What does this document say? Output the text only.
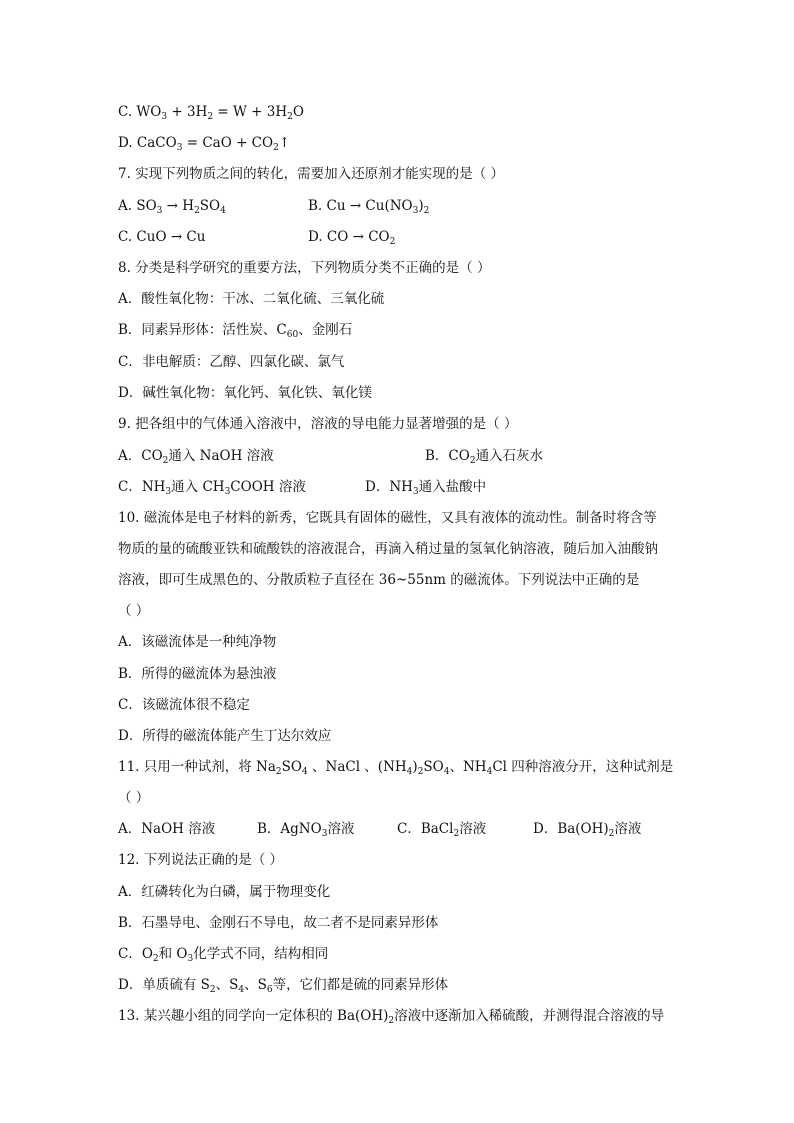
C. $WO_3 + 3H_2 = W + 3H_2O$
D. CaCO$_3$ = CaO + $CO_2↑$
7. 实现下列物质之间的转化，需要加入还原剂才能实现的是（ ）
A. $SO_3 \to H_2SO_4$	B. $Cu \to Cu(NO_3)_2$
C. CuO → Cu	D. CO → $CO_2$
8. 分类是科学研究的重要方法，下列物质分类不正确的是（ ）
A．酸性氧化物：干冰、二氧化硫、三氧化硫
B．同素异形体：活性炭、$C_{60}$、金刚石
C．非电解质：乙醇、四氯化碳、氯气
D．碱性氧化物：氧化钙、氧化铁、氧化镁
9. 把各组中的气体通入溶液中，溶液的导电能力显著增强的是（ ）
A．$CO_2$通入 NaOH 溶液	B．$CO_2$通入石灰水
C．$NH_3$通入 $CH_3COOH$ 溶液	D．$NH_3$通入盐酸中
10. 磁流体是电子材料的新秀，它既具有固体的磁性，又具有液体的流动性。制备时将含等
物质的量的硫酸亚铁和硫酸铁的溶液混合，再滴入稍过量的氢氧化钠溶液，随后加入油酸钠
溶液，即可生成黑色的、分散质粒子直径在 36~55nm 的磁流体。下列说法中正确的是
（ ）
A．该磁流体是一种纯净物
B．所得的磁流体为悬浊液
C．该磁流体很不稳定
D．所得的磁流体能产生丁达尔效应
11. 只用一种试剂，将 $Na_2SO_4$ 、NaCl 、$(NH_4)_2SO_4$、$NH_4Cl$ 四种溶液分开，这种试剂是
（ ）
A．NaOH 溶液	B．AgNO$_3$溶液	C．BaCl$_2$溶液	D．$Ba(OH)_2$溶液
12. 下列说法正确的是（ ）
A．红磷转化为白磷，属于物理变化
B．石墨导电、金刚石不导电，故二者不是同素异形体
C．$O_2$和 $O_3$化学式不同，结构相同
D．单质硫有 $S_2$、$S_4$、$S_6$等，它们都是硫的同素异形体
13. 某兴趣小组的同学向一定体积的 $Ba(OH)_2$溶液中逐渐加入稀硫酸，并测得混合溶液的导
